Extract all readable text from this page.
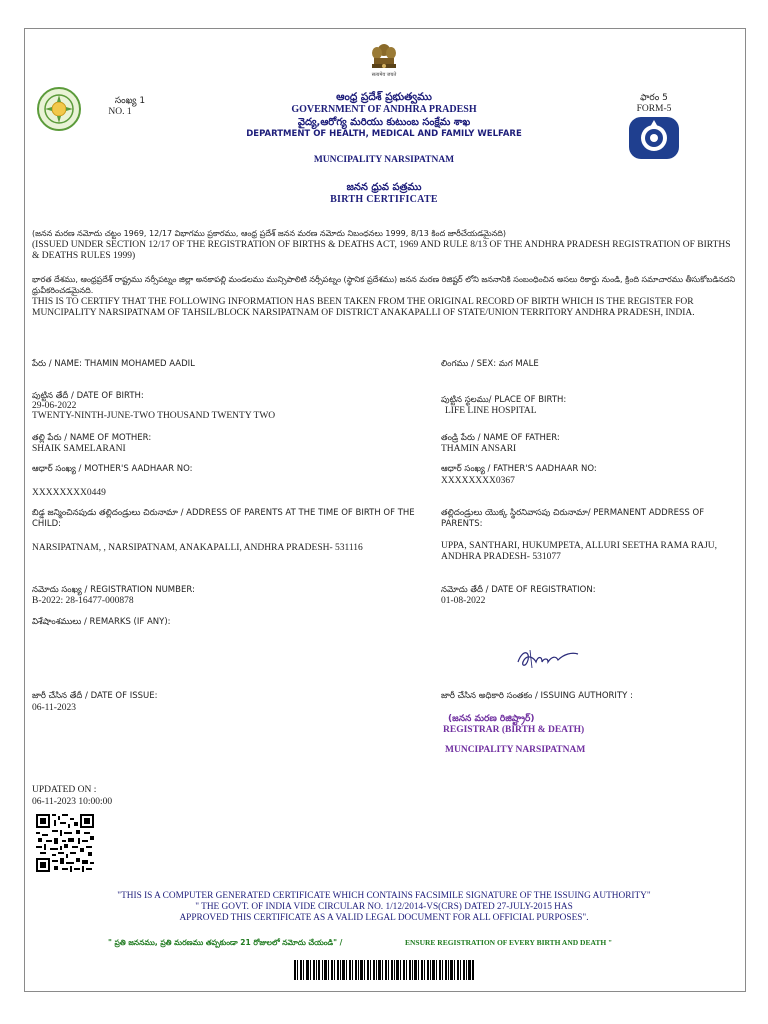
सत्यमेव जयते
సంఖ్య 1
NO. 1
ఫారం 5
FORM-5
ఆంధ్ర ప్రదేశ్ ప్రభుత్వము
GOVERNMENT OF ANDHRA PRADESH
వైద్య,ఆరోగ్య మరియు కుటుంబ సంక్షేమ శాఖ
DEPARTMENT OF HEALTH, MEDICAL AND FAMILY WELFARE
MUNCIPALITY NARSIPATNAM
జనన ధ్రువ పత్రము
BIRTH CERTIFICATE
(జనన మరణ నమోదు చట్టం 1969, 12/17 విభాగము ప్రకారము, ఆంధ్ర ప్రదేశ్ జనన మరణ నమోదు నిబంధనలు 1999, 8/13 కింద జారీచేయడమైనది)
(ISSUED UNDER SECTION 12/17 OF THE REGISTRATION OF BIRTHS & DEATHS ACT, 1969 AND RULE 8/13 OF THE ANDHRA PRADESH REGISTRATION OF BIRTHS & DEATHS RULES 1999)
భారత దేశము, ఆంధ్రప్రదేశ్ రాష్ట్రము నర్సీపట్నం జిల్లా అనకాపల్లి మండలము మున్సిపాలిటి నర్సీపట్నం (స్థానిక ప్రదేశము) జనన మరణ రిజిష్టర్ లోని జననానికి సంబంధించిన అసలు రికార్డు నుండి, క్రింది సమాచారము తీసుకోబడినదని ధ్రువీకరించడమైనది.
THIS IS TO CERTIFY THAT THE FOLLOWING INFORMATION HAS BEEN TAKEN FROM THE ORIGINAL RECORD OF BIRTH WHICH IS THE REGISTER FOR MUNCIPALITY NARSIPATNAM OF TAHSIL/BLOCK NARSIPATNAM OF DISTRICT ANAKAPALLI OF STATE/UNION TERRITORY ANDHRA PRADESH, INDIA.
పేరు / NAME: THAMIN MOHAMED AADIL	లింగము / SEX: మగ MALE
పుట్టిన తేదీ / DATE OF BIRTH:
29-06-2022
TWENTY-NINTH-JUNE-TWO THOUSAND TWENTY TWO
పుట్టిన స్థలము/ PLACE OF BIRTH:
LIFE LINE HOSPITAL
తల్లి పేరు / NAME OF MOTHER:
SHAIK SAMELARANI
తండ్రి పేరు / NAME OF FATHER:
THAMIN ANSARI
ఆధార్ సంఖ్య / MOTHER'S AADHAAR NO:
XXXXXXXX0449
ఆధార్ సంఖ్య / FATHER'S AADHAAR NO:
XXXXXXXX0367
బిడ్డ జన్మించినపుడు తల్లిదండ్రులు చిరునామా / ADDRESS OF PARENTS AT THE TIME OF BIRTH OF THE CHILD:
NARSIPATNAM, , NARSIPATNAM, ANAKAPALLI, ANDHRA PRADESH- 531116
తల్లిదండ్రులు యొక్క స్థిరనివాసపు చిరునామా/ PERMANENT ADDRESS OF PARENTS:
UPPA, SANTHARI, HUKUMPETA, ALLURI SEETHA RAMA RAJU, ANDHRA PRADESH- 531077
నమోదు సంఖ్య / REGISTRATION NUMBER:
B-2022: 28-16477-000878
నమోదు తేదీ / DATE OF REGISTRATION:
01-08-2022
విశేషాంశములు / REMARKS (IF ANY):
జారీ చేసిన తేదీ / DATE OF ISSUE:
06-11-2023
జారీ చేసిన అధికారి సంతకం / ISSUING AUTHORITY :
(జనన మరణ రిజిష్ట్రార్)
REGISTRAR (BIRTH & DEATH)
MUNCIPALITY NARSIPATNAM
UPDATED ON :
06-11-2023 10:00:00
"THIS IS A COMPUTER GENERATED CERTIFICATE WHICH CONTAINS FACSIMILE SIGNATURE OF THE ISSUING AUTHORITY"
" THE GOVT. OF INDIA VIDE CIRCULAR NO. 1/12/2014-VS(CRS) DATED 27-JULY-2015 HAS
APPROVED THIS CERTIFICATE AS A VALID LEGAL DOCUMENT FOR ALL OFFICIAL PURPOSES".
" ప్రతి జననము, ప్రతి మరణము తప్పకుండా 21 రోజులలో నమోదు చేయండి" /	ENSURE REGISTRATION OF EVERY BIRTH AND DEATH "
